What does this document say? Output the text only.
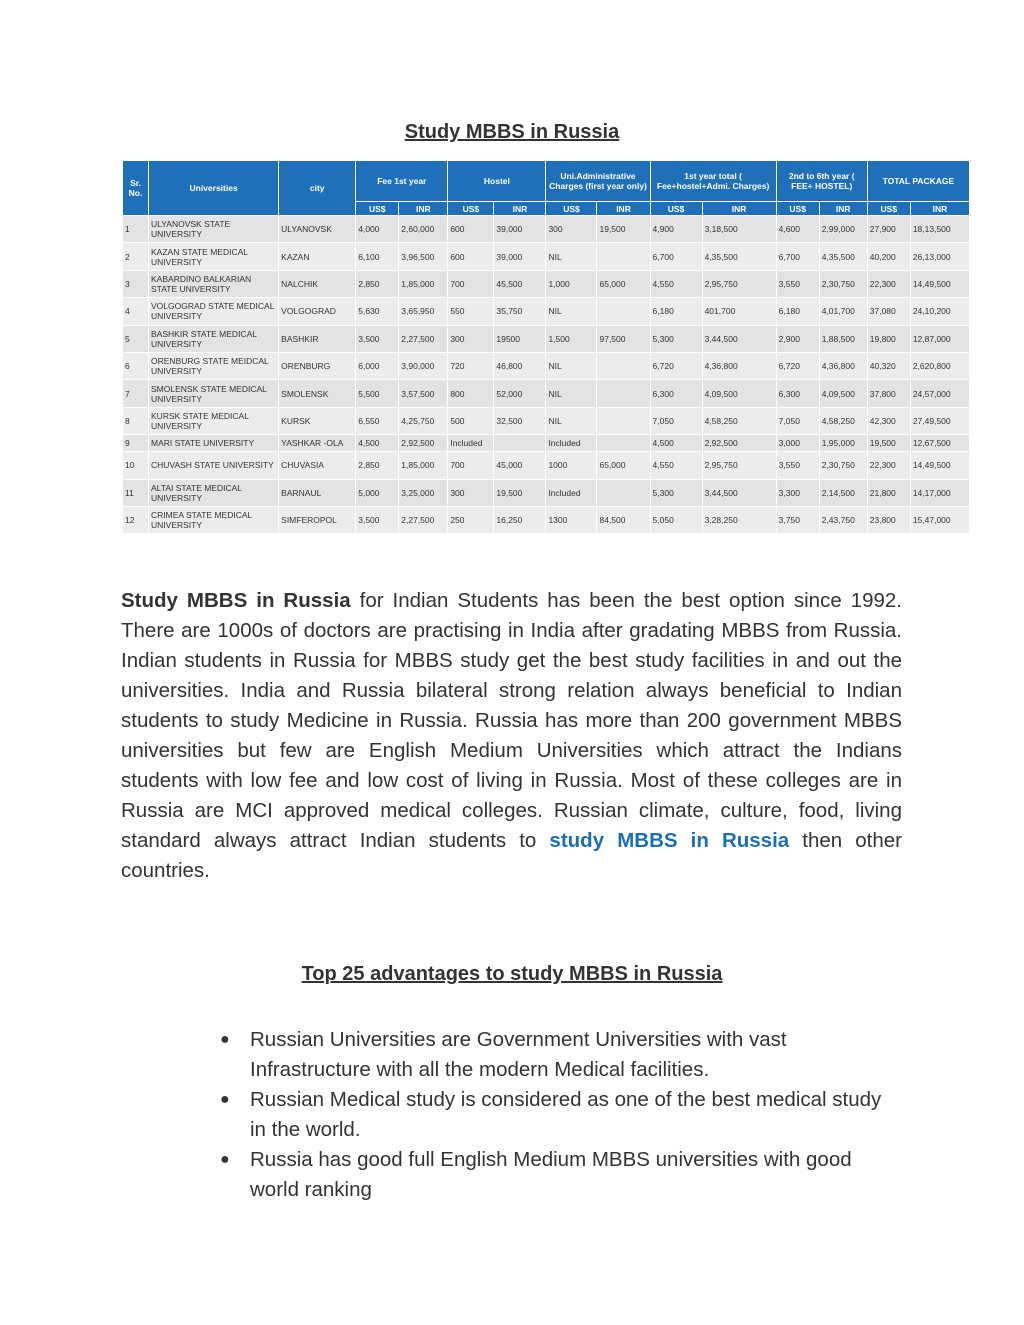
Study MBBS in Russia
Sr. No.	Universities	city	Fee 1st year		Hostel		Uni.Administrative Charges (first year only)		1st year total ( Fee+hostel+Admi. Charges)		2nd to 6th year ( FEE+ HOSTEL)		TOTAL PACKAGE	
			US$	INR	US$	INR	US$	INR	US$	INR	US$	INR	US$	INR
1	ULYANOVSK STATE UNIVERSITY	ULYANOVSK	4,000	2,60,000	600	39,000	300	19,500	4,900	3,18,500	4,600	2,99,000	27,900	18,13,500
2	KAZAN STATE MEDICAL UNIVERSITY	KAZAN	6,100	3,96,500	600	39,000	NIL		6,700	4,35,500	6,700	4,35,500	40,200	26,13,000
3	KABARDINO BALKARIAN STATE UNIVERSITY	NALCHIK	2,850	1,85,000	700	45,500	1,000	65,000	4,550	2,95,750	3,550	2,30,750	22,300	14,49,500
4	VOLGOGRAD STATE MEDICAL UNIVERSITY	VOLGOGRAD	5,630	3,65,950	550	35,750	NIL		6,180	401,700	6,180	4,01,700	37,080	24,10,200
5	BASHKIR STATE MEDICAL UNIVERSITY	BASHKIR	3,500	2,27,500	300	19500	1,500	97,500	5,300	3,44,500	2,900	1,88,500	19,800	12,87,000
6	ORENBURG STATE MEIDCAL UNIVERSITY	ORENBURG	6,000	3,90,000	720	46,800	NIL		6,720	4,36,800	6,720	4,36,800	40,320	2,620,800
7	SMOLENSK STATE MEDICAL UNIVERSITY	SMOLENSK	5,500	3,57,500	800	52,000	NIL		6,300	4,09,500	6,300	4,09,500	37,800	24,57,000
8	KURSK STATE MEDICAL UNIVERSITY	KURSK	6,550	4,25,750	500	32,500	NIL		7,050	4,58,250	7,050	4,58,250	42,300	27,49,500
9	MARI STATE UNIVERSITY	YASHKAR -OLA	4,500	2,92,500	Included		Included		4,500	2,92,500	3,000	1,95,000	19,500	12,67,500
10	CHUVASH STATE UNIVERSITY	CHUVASIA	2,850	1,85,000	700	45,000	1000	65,000	4,550	2,95,750	3,550	2,30,750	22,300	14,49,500
11	ALTAI STATE MEDICAL UNIVERSITY	BARNAUL	5,000	3,25,000	300	19,500	Included		5,300	3,44,500	3,300	2,14,500	21,800	14,17,000
12	CRIMEA STATE MEDICAL UNIVERSITY	SIMFEROPOL	3,500	2,27,500	250	16,250	1300	84,500	5,050	3,28,250	3,750	2,43,750	23,800	15,47,000

Study MBBS in Russia for Indian Students has been the best option since 1992. There are 1000s of doctors are practising in India after gradating MBBS from Russia. Indian students in Russia for MBBS study get the best study facilities in and out the universities. India and Russia bilateral strong relation always beneficial to Indian students to study Medicine in Russia. Russia has more than 200 government MBBS universities but few are English Medium Universities which attract the Indians students with low fee and low cost of living in Russia. Most of these colleges are in Russia are MCI approved medical colleges. Russian climate, culture, food, living standard always attract Indian students to study MBBS in Russia then other countries.

Top 25 advantages to study MBBS in Russia
● Russian Universities are Government Universities with vast Infrastructure with all the modern Medical facilities.
● Russian Medical study is considered as one of the best medical study in the world.
● Russia has good full English Medium MBBS universities with good world ranking
